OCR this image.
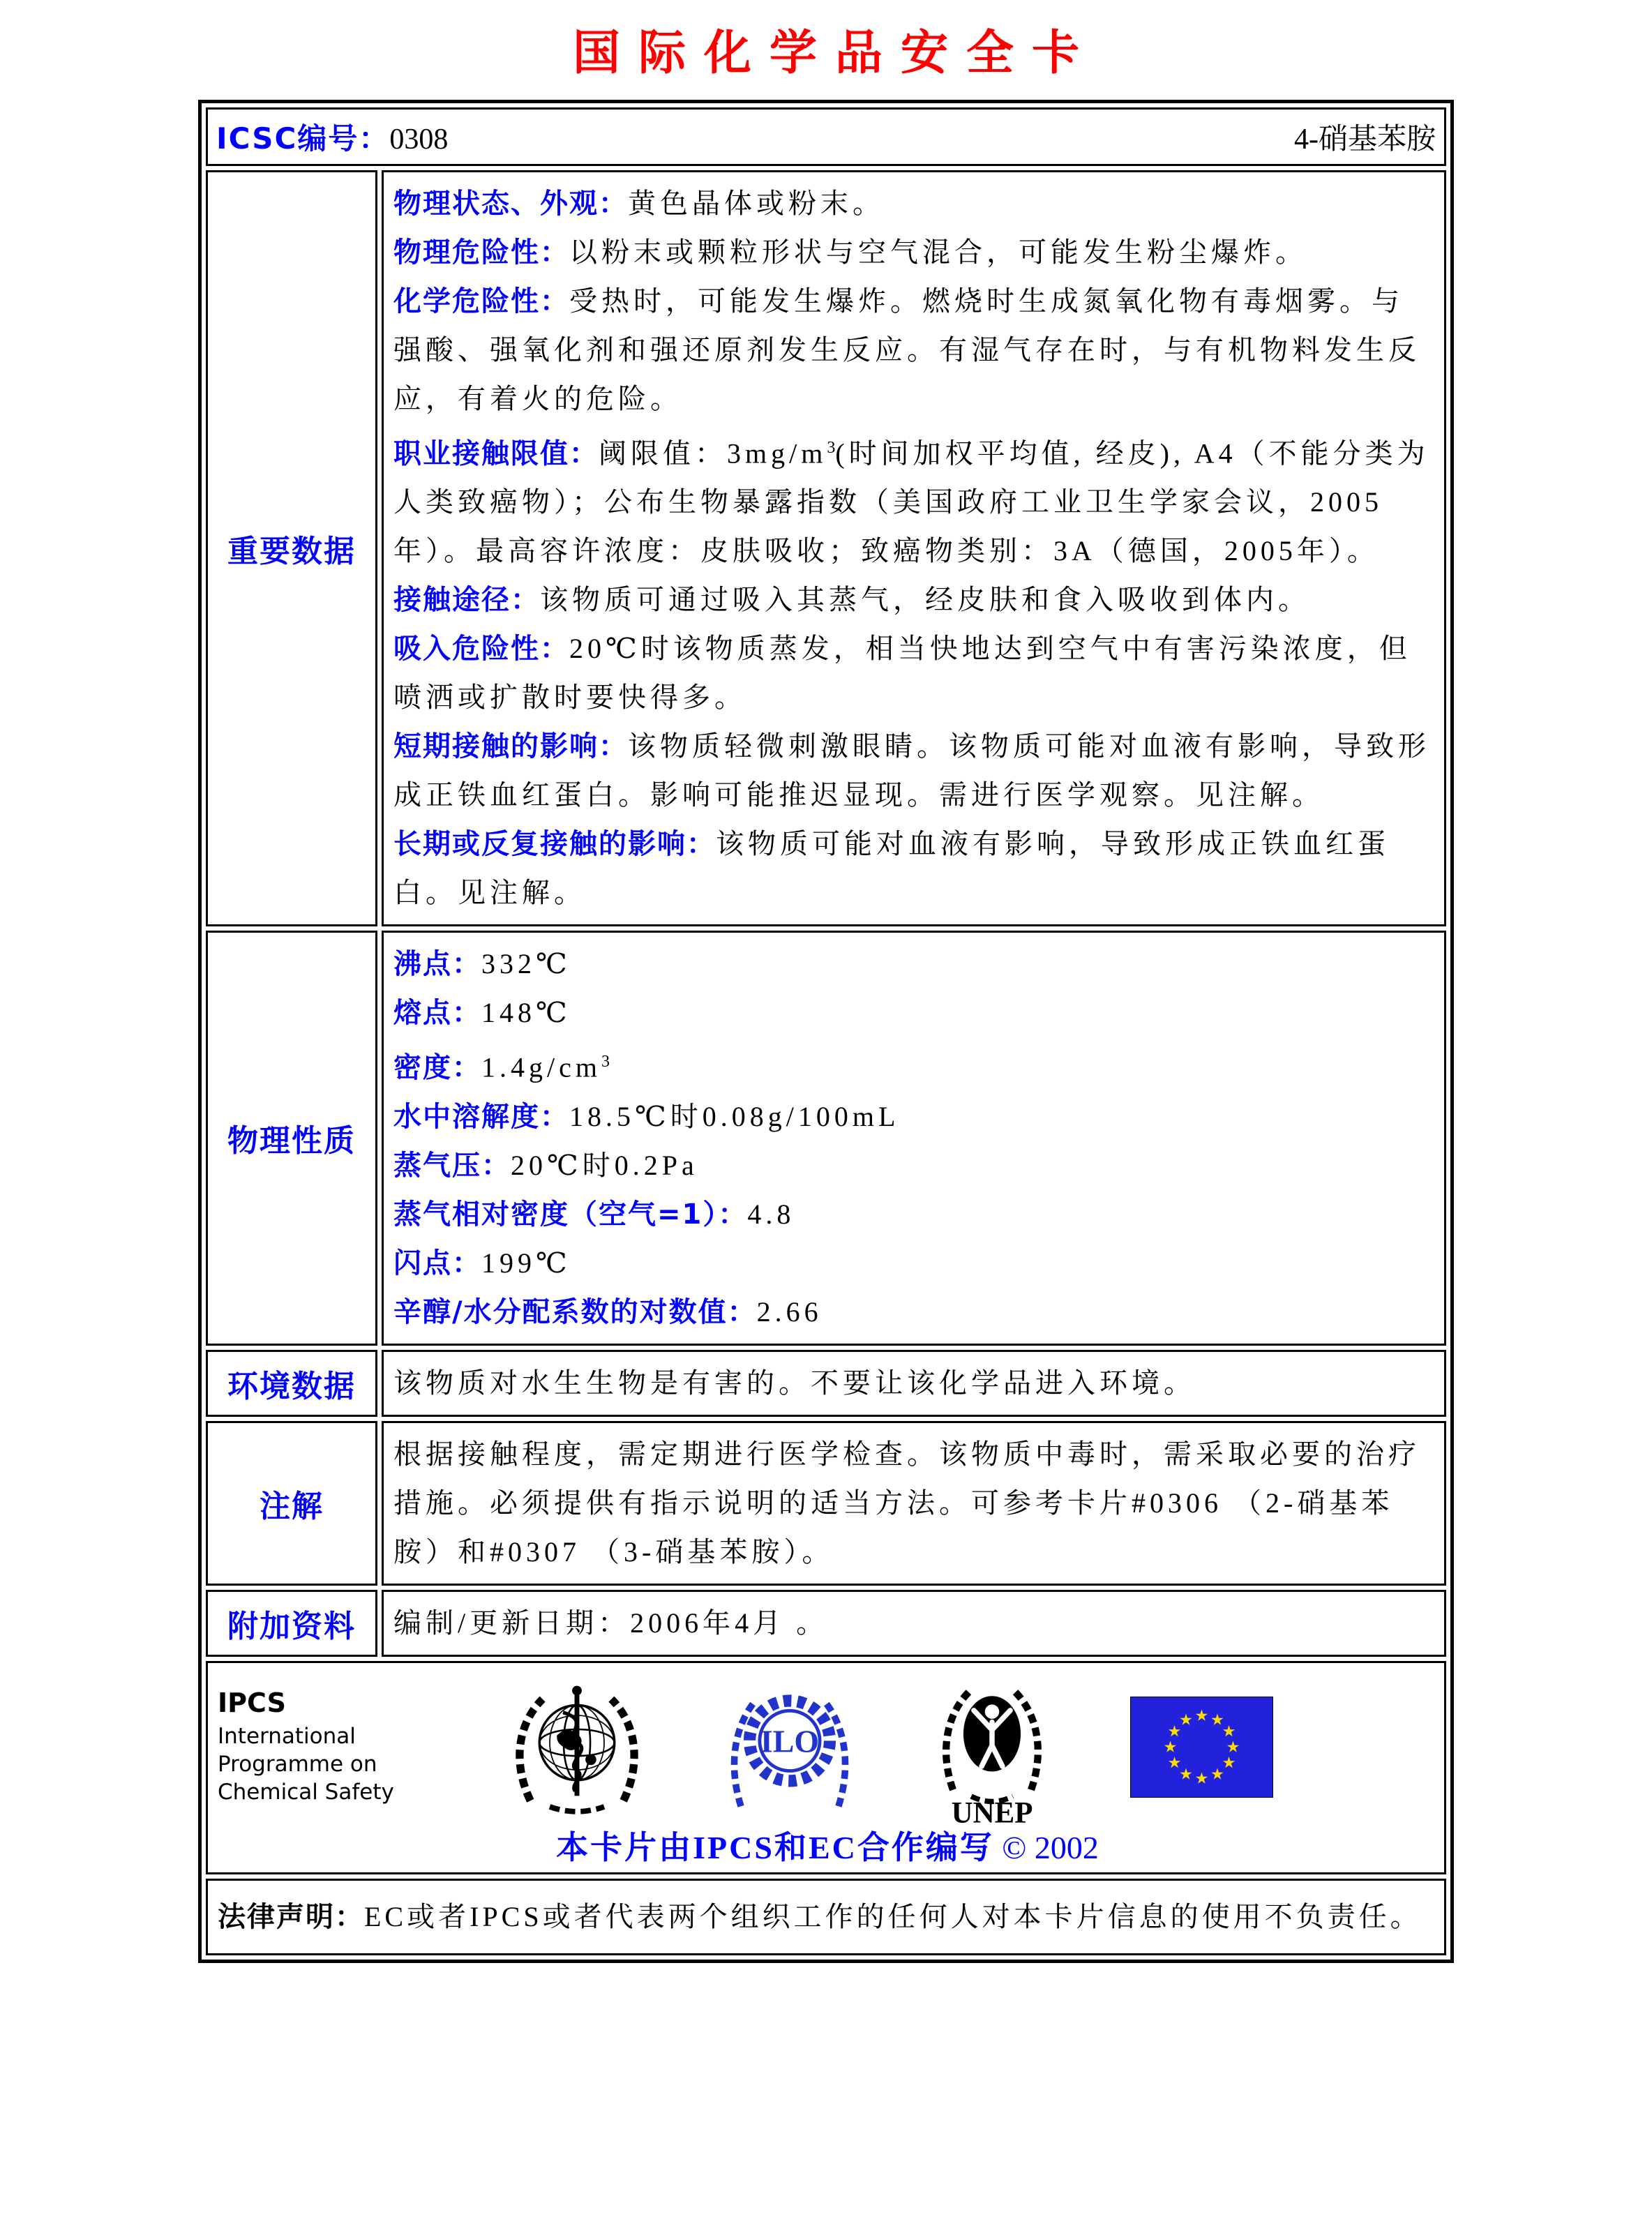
国际化学品安全卡
ICSC编号：0308 4-硝基苯胺	

重要数据	

物理状态、外观：黄色晶体或粉末。

物理危险性：以粉末或颗粒形状与空气混合，可能发生粉尘爆炸。

化学危险性：受热时，可能发生爆炸。燃烧时生成氮氧化物有毒烟雾。与强酸、强氧化剂和强还原剂发生反应。有湿气存在时，与有机物料发生反应，有着火的危险。

职业接触限值：阈限值：$3mg/m^3$(时间加权平均值, 经皮), A4（不能分类为人类致癌物）；公布生物暴露指数（美国政府工业卫生学家会议，2005年）。最高容许浓度：皮肤吸收；致癌物类别：3A（德国，2005年）。

接触途径：该物质可通过吸入其蒸气，经皮肤和食入吸收到体内。

吸入危险性：20℃时该物质蒸发，相当快地达到空气中有害污染浓度，但喷洒或扩散时要快得多。

短期接触的影响：该物质轻微刺激眼睛。该物质可能对血液有影响，导致形成正铁血红蛋白。影响可能推迟显现。需进行医学观察。见注解。

长期或反复接触的影响：该物质可能对血液有影响，导致形成正铁血红蛋白。见注解。

物理性质	

沸点：332℃

熔点：148℃

密度：$1.4g/cm^3$

水中溶解度：18.5℃时0.08g/100mL

蒸气压：20℃时0.2Pa

蒸气相对密度（空气=1）：4.8

闪点：199℃

辛醇/水分配系数的对数值：2.66

环境数据	该物质对水生生物是有害的。不要让该化学品进入环境。

注解	根据接触程度，需定期进行医学检查。该物质中毒时，需采取必要的治疗措施。必须提供有指示说明的适当方法。可参考卡片#0306 （2-硝基苯胺）和#0307 （3-硝基苯胺）。

附加资料	编制/更新日期：2006年4月 。

IPCS
International
Programme on
Chemical Safety
ILO
UNEP
本卡片由IPCS和EC合作编写 © 2002

法律声明：EC或者IPCS或者代表两个组织工作的任何人对本卡片信息的使用不负责任。	
